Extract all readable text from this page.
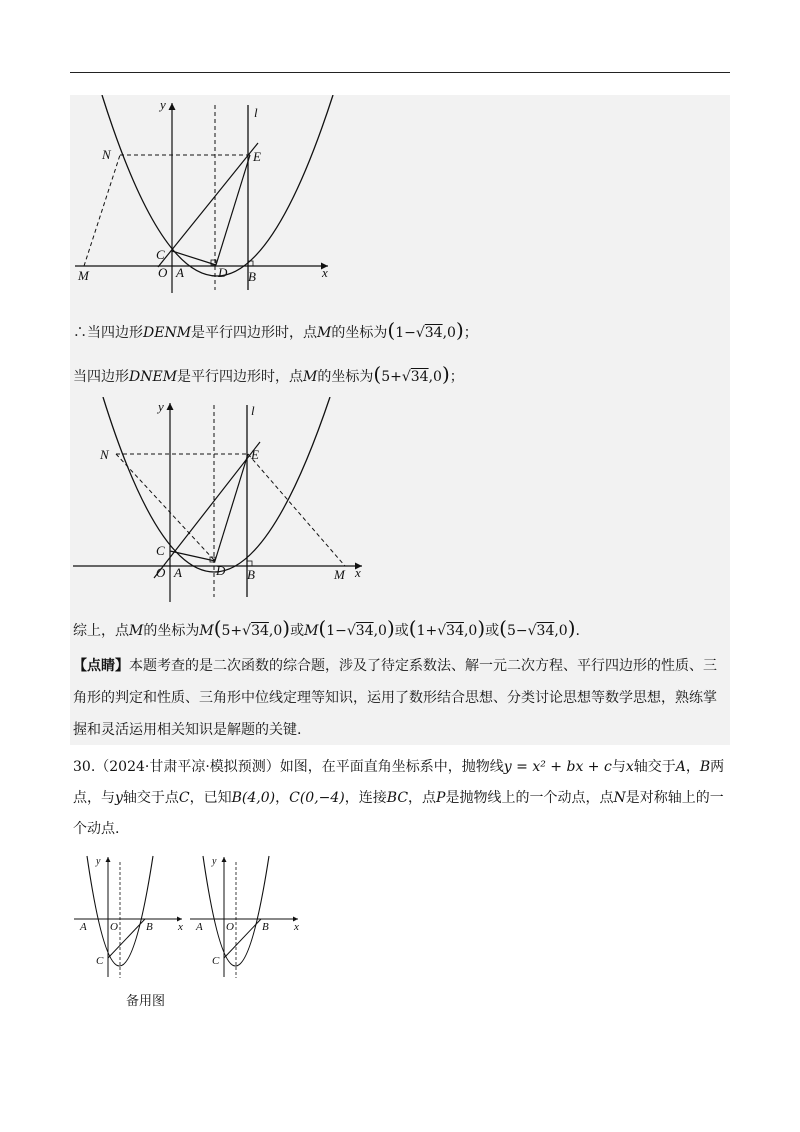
y
l
N	E
C
O A	D B
M	x
∴当四边形DENM是平行四边形时，点M的坐标为(1−√34,0)；
当四边形DNEM是平行四边形时，点M的坐标为(5+√34,0)；
y	l
N	E
C
O A	D B	M x
综上，点M的坐标为M(5+√34,0)或M(1−√34,0)或(1+√34,0)或(5−√34,0).
【点睛】本题考查的是二次函数的综合题，涉及了待定系数法、解一元二次方程、平行四边形的性质、三角形的判定和性质、三角形中位线定理等知识，运用了数形结合思想、分类讨论思想等数学思想，熟练掌握和灵活运用相关知识是解题的关键.
30.（2024·甘肃平凉·模拟预测）如图，在平面直角坐标系中，抛物线y = x² + bx + c与x轴交于A，B两点，与y轴交于点C，已知B(4,0)，C(0,−4)，连接BC，点P是抛物线上的一个动点，点N是对称轴上的一个动点.
y
A O	B x
C
y
A O	B x
C
备用图
